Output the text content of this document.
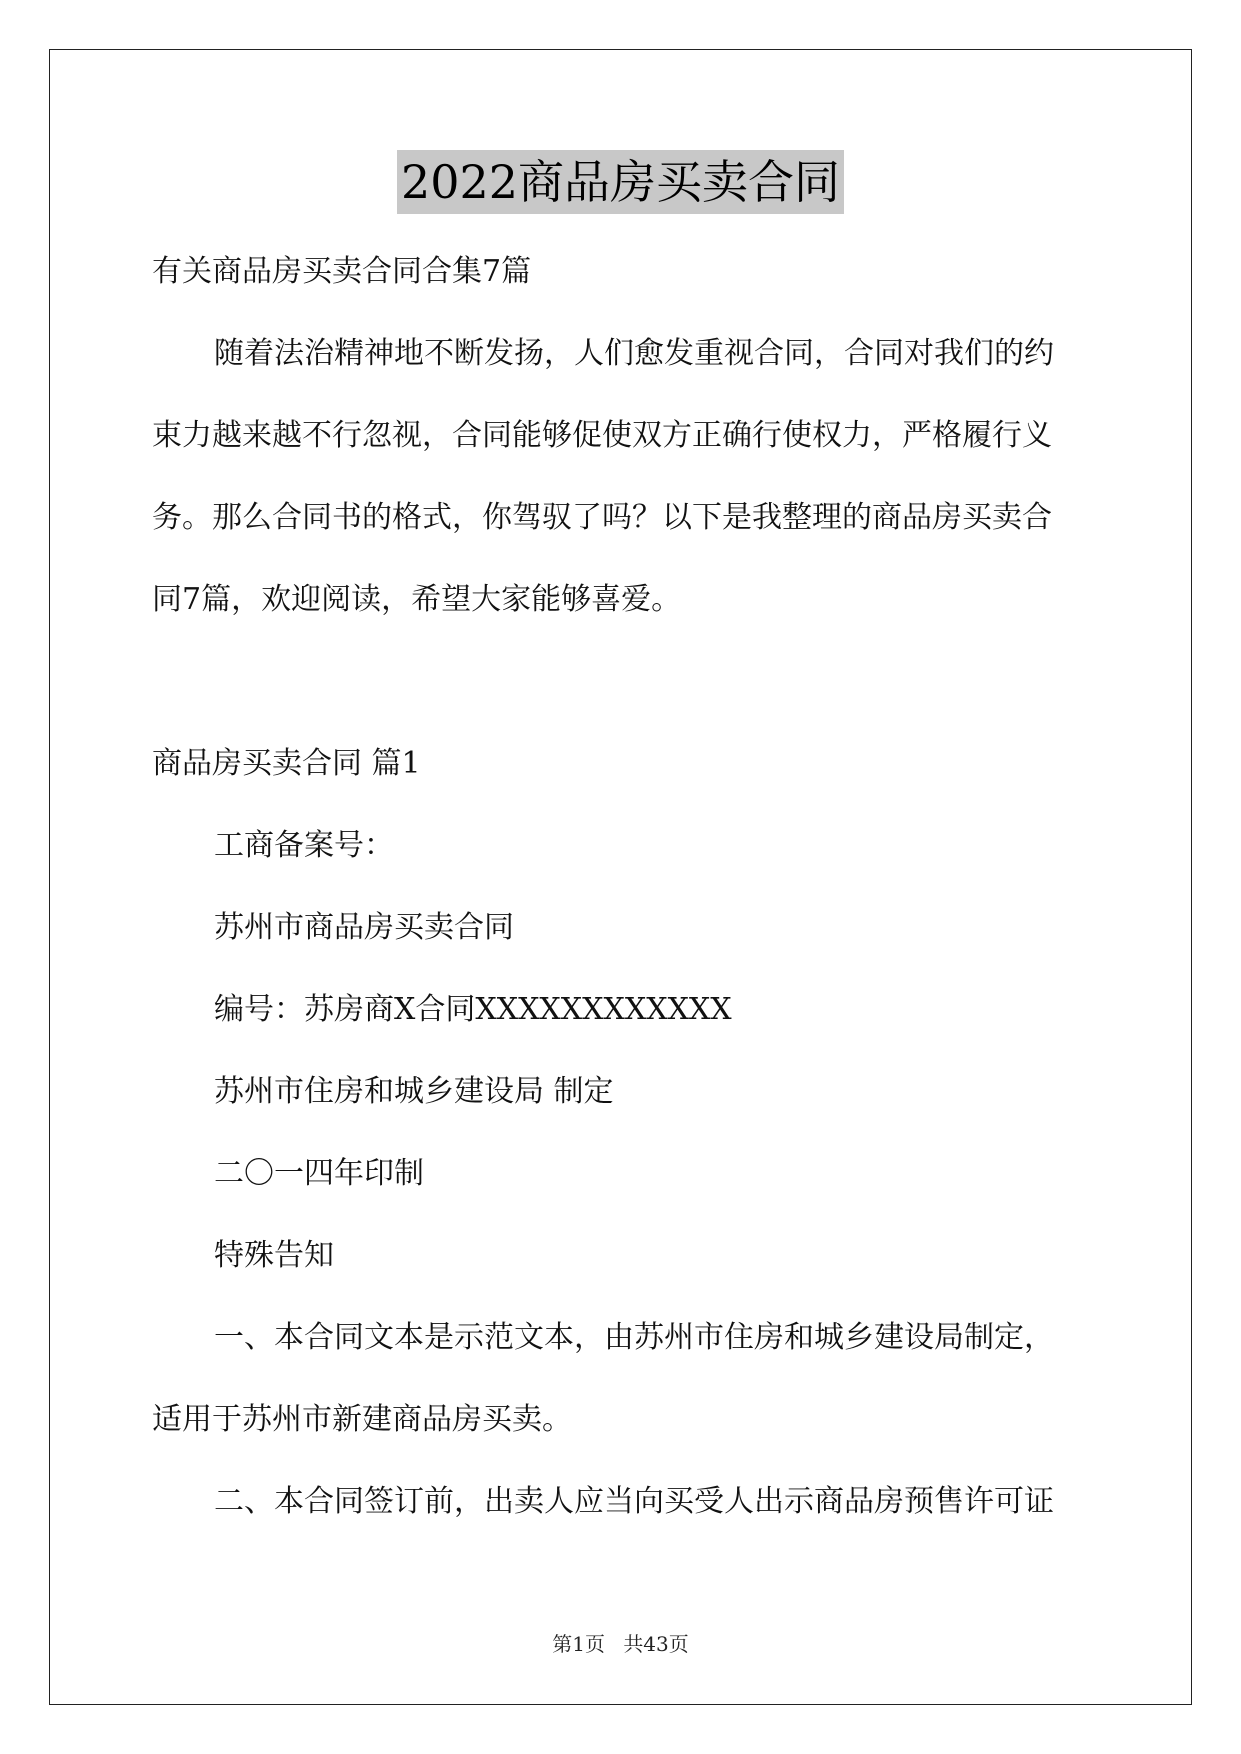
2022商品房买卖合同

有关商品房买卖合同合集7篇

随着法治精神地不断发扬，人们愈发重视合同，合同对我们的约
束力越来越不行忽视，合同能够促使双方正确行使权力，严格履行义
务。那么合同书的格式，你驾驭了吗？以下是我整理的商品房买卖合
同7篇，欢迎阅读，希望大家能够喜爱。

商品房买卖合同 篇1

工商备案号：

苏州市商品房买卖合同

编号：苏房商X合同XXXXXXXXXXXX

苏州市住房和城乡建设局 制定

二〇一四年印制

特殊告知

一、本合同文本是示范文本，由苏州市住房和城乡建设局制定，
适用于苏州市新建商品房买卖。
二、本合同签订前，出卖人应当向买受人出示商品房预售许可证
第1页 共43页
